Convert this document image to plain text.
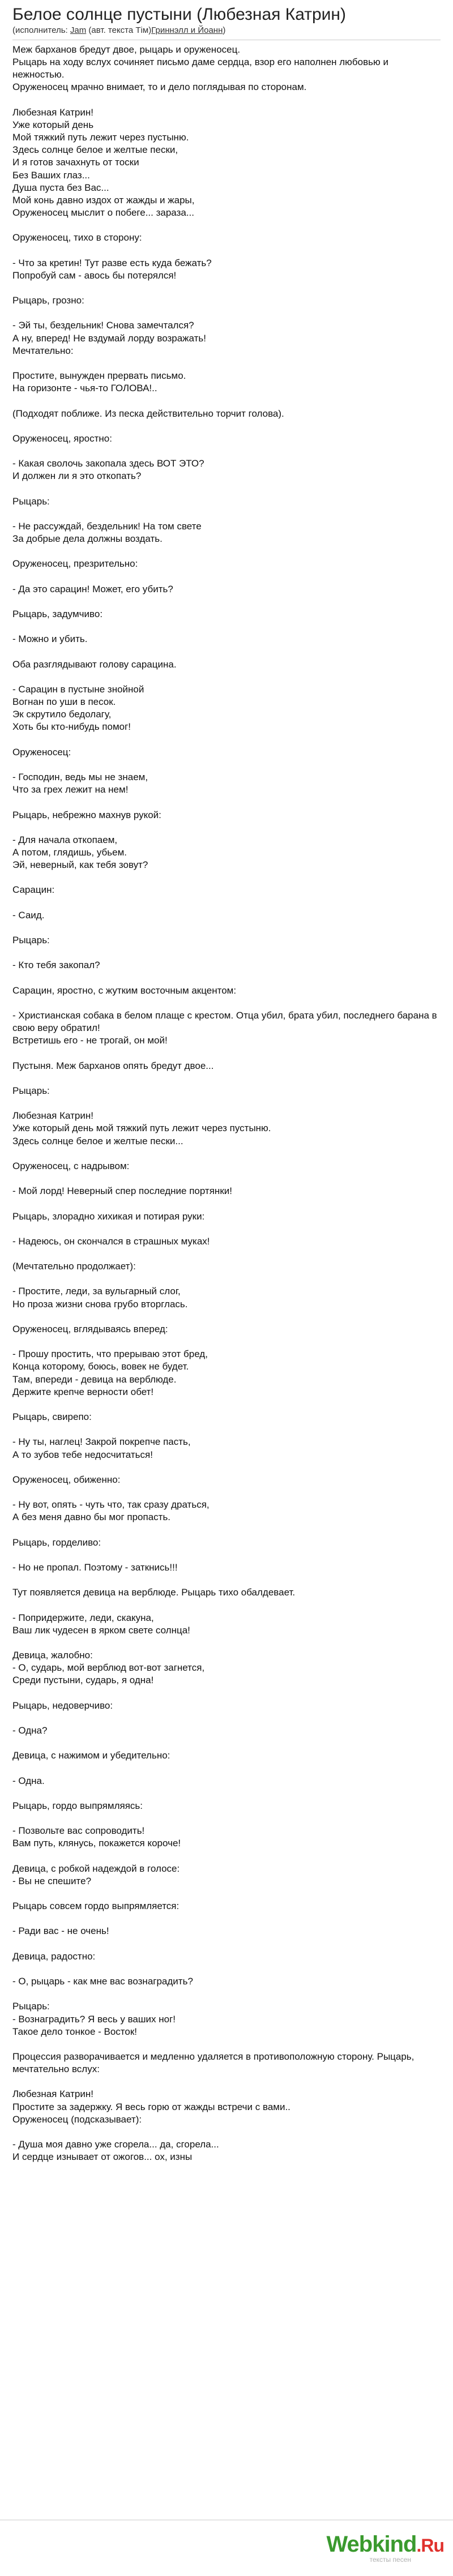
Белое солнце пустыни (Любезная Катрин)
(исполнитель: Jam (авт. текста Тім)Гриннэлл и Йоанн)
Меж барханов бредут двое, рыцарь и оруженосец.
Рыцарь на ходу вслух сочиняет письмо даме сердца, взор его наполнен любовью и нежностью.
Оруженосец мрачно внимает, то и дело поглядывая по сторонам.

Любезная Катрин!
Уже который день
Мой тяжкий путь лежит через пустыню.
Здесь солнце белое и желтые пески,
И я готов зачахнуть от тоски
Без Ваших глаз...
Душа пуста без Вас...
Мой конь давно издох от жажды и жары,
Оруженосец мыслит о побеге... зараза...

Оруженосец, тихо в сторону:

- Что за кретин! Тут разве есть куда бежать?
Попробуй сам - авось бы потерялся!

Рыцарь, грозно:

- Эй ты, бездельник! Снова замечтался?
А ну, вперед! Не вздумай лорду возражать!
Мечтательно:

Простите, вынужден прервать письмо.
На горизонте - чья-то ГОЛОВА!..

(Подходят поближе. Из песка действительно торчит голова).

Оруженосец, яростно:

- Какая сволочь закопала здесь ВОТ ЭТО?
И должен ли я это откопать?

Рыцарь:

- Не рассуждай, бездельник! На том свете
За добрые дела должны воздать.

Оруженосец, презрительно:

- Да это сарацин! Может, его убить?

Рыцарь, задумчиво:

- Можно и убить.

Оба разглядывают голову сарацина.

- Сарацин в пустыне знойной
Вогнан по уши в песок.
Эк скрутило бедолагу,
Хоть бы кто-нибудь помог!

Оруженосец:

- Господин, ведь мы не знаем,
Что за грех лежит на нем!

Рыцарь, небрежно махнув рукой:

- Для начала откопаем,
А потом, глядишь, убьем.
Эй, неверный, как тебя зовут?

Сарацин:

- Саид.

Рыцарь:

- Кто тебя закопал?

Сарацин, яростно, с жутким восточным акцентом:

- Христианская собака в белом плаще с крестом. Отца убил, брата убил, последнего барана в свою веру обратил!
Встретишь его - не трогай, он мой!

Пустыня. Меж барханов опять бредут двое...

Рыцарь:

Любезная Катрин!
Уже который день мой тяжкий путь лежит через пустыню.
Здесь солнце белое и желтые пески...

Оруженосец, с надрывом:

- Мой лорд! Неверный спер последние портянки!

Рыцарь, злорадно хихикая и потирая руки:

- Надеюсь, он скончался в страшных муках!

(Мечтательно продолжает):

- Простите, леди, за вульгарный слог,
Но проза жизни снова грубо вторглась.

Оруженосец, вглядываясь вперед:

- Прошу простить, что прерываю этот бред,
Конца которому, боюсь, вовек не будет.
Там, впереди - девица на верблюде.
Держите крепче верности обет!

Рыцарь, свирепо:

- Ну ты, наглец! Закрой покрепче пасть,
А то зубов тебе недосчитаться!

Оруженосец, обиженно:

- Ну вот, опять - чуть что, так сразу драться,
А без меня давно бы мог пропасть.

Рыцарь, горделиво:

- Но не пропал. Поэтому - заткнись!!!

Тут появляется девица на верблюде. Рыцарь тихо обалдевает.

- Попридержите, леди, скакуна,
Ваш лик чудесен в ярком свете солнца!

Девица, жалобно:
- О, сударь, мой верблюд вот-вот загнется,
Среди пустыни, сударь, я одна!

Рыцарь, недоверчиво:

- Одна?

Девица, с нажимом и убедительно:

- Одна.

Рыцарь, гордо выпрямляясь:

- Позвольте вас сопроводить!
Вам путь, клянусь, покажется короче!

Девица, с робкой надеждой в голосе:
- Вы не спешите?

Рыцарь совсем гордо выпрямляется:

- Ради вас - не очень!

Девица, радостно:

- О, рыцарь - как мне вас вознаградить?

Рыцарь:
- Вознаградить? Я весь у ваших ног!
Такое дело тонкое - Восток!

Процессия разворачивается и медленно удаляется в противоположную сторону. Рыцарь, мечтательно вслух:

Любезная Катрин!
Простите за задержку. Я весь горю от жажды встречи с вами..
Оруженосец (подсказывает):

- Душа моя давно уже сгорела... да, сгорела...
И сердце изнывает от ожогов... ох, изны
Webkind.Ru
тексты песен
